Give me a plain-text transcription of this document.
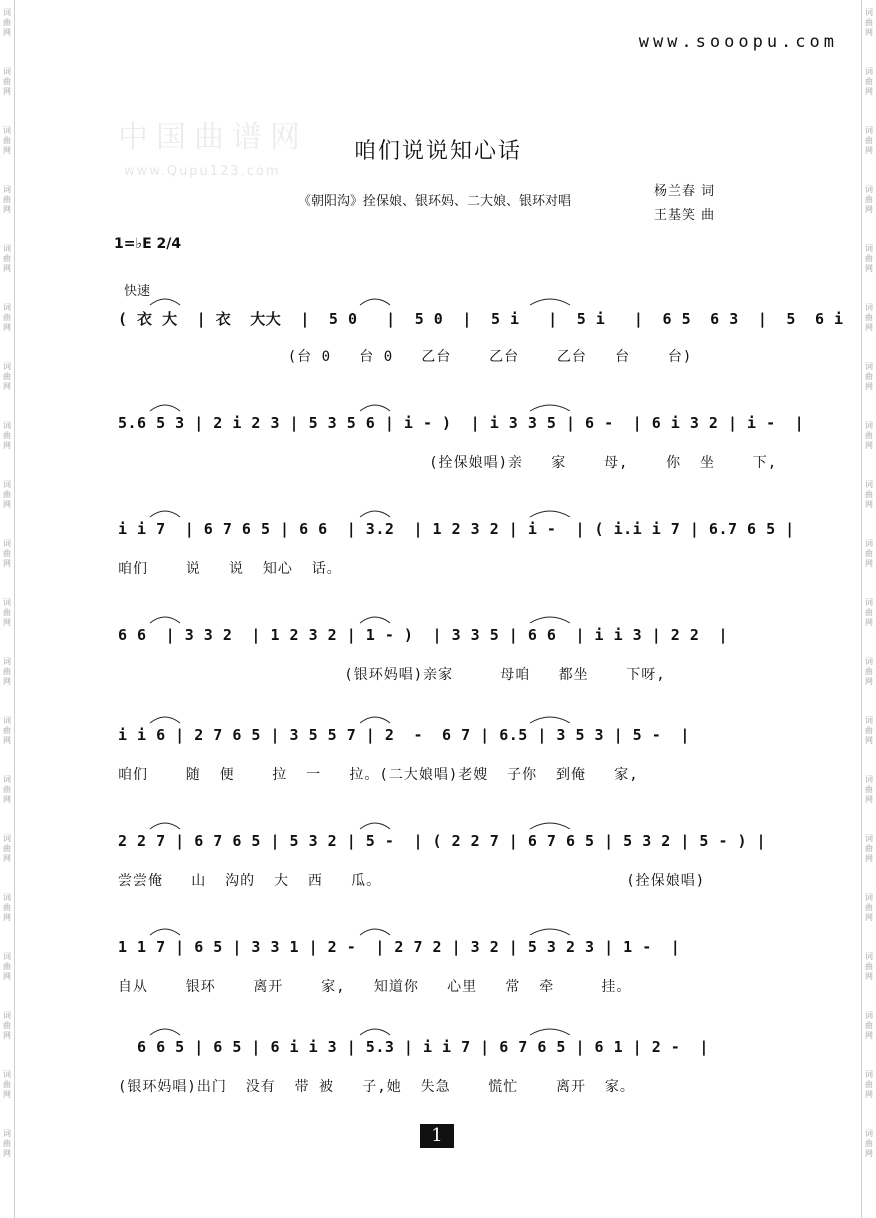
词
曲
网
词
曲
网
词
曲
网
词
曲
网
词
曲
网
词
曲
网
词
曲
网
词
曲
网
词
曲
网
词
曲
网
词
曲
网
词
曲
网
词
曲
网
词
曲
网
词
曲
网
词
曲
网
词
曲
网
词
曲
网
词
曲
网
词
曲
网
词
曲
网
词
曲
网
词
曲
网
词
曲
网
词
曲
网
词
曲
网
词
曲
网
词
曲
网
词
曲
网
词
曲
网
词
曲
网
词
曲
网
词
曲
网
词
曲
网
词
曲
网
词
曲
网
词
曲
网
词
曲
网
词
曲
网
词
曲
网
www.sooopu.com
中国曲谱网
www.Qupu123.com
咱们说说知心话
《朝阳沟》拴保娘、银环妈、二大娘、银环对唱
杨兰春 词
王基笑 曲
1=♭E 2/4
快速
( 衣 大  | 衣  大大  |  5 0   |  5 0  |  5 i   |  5 i   |  6 5  6 3  |  5  6 i
(台 0   台 0   乙台    乙台    乙台   台    台)
5.6 5 3 | 2 i 2 3 | 5 3 5 6 | i - )  | i 3 3 5 | 6 -  | 6 i 3 2 | i -  |
(拴保娘唱)亲   家    母,    你  坐    下,
i i 7  | 6 7 6 5 | 6 6  | 3.2  | 1 2 3 2 | i -  | ( i.i i 7 | 6.7 6 5 |
咱们    说   说  知心  话。
6 6  | 3 3 2  | 1 2 3 2 | 1 - )  | 3 3 5 | 6 6  | i i 3 | 2 2  |
(银环妈唱)亲家     母咱   都坐    下呀,
i i 6 | 2 7 6 5 | 3 5 5 7 | 2  -  6 7 | 6.5 | 3 5 3 | 5 -  |
咱们    随  便    拉  一   拉。(二大娘唱)老嫂  子你  到俺   家,
2 2 7 | 6 7 6 5 | 5 3 2 | 5 -  | ( 2 2 7 | 6 7 6 5 | 5 3 2 | 5 - ) |
尝尝俺   山  沟的  大  西   瓜。                          (拴保娘唱)
1 1 7 | 6 5 | 3 3 1 | 2 -  | 2 7 2 | 3 2 | 5 3 2 3 | 1 -  |
自从    银环    离开    家,   知道你   心里   常  牵     挂。
6 6 5 | 6 5 | 6 i i 3 | 5.3 | i i 7 | 6 7 6 5 | 6 1 | 2 -  |
(银环妈唱)出门  没有  带 被   子,她  失急    慌忙    离开  家。
1
